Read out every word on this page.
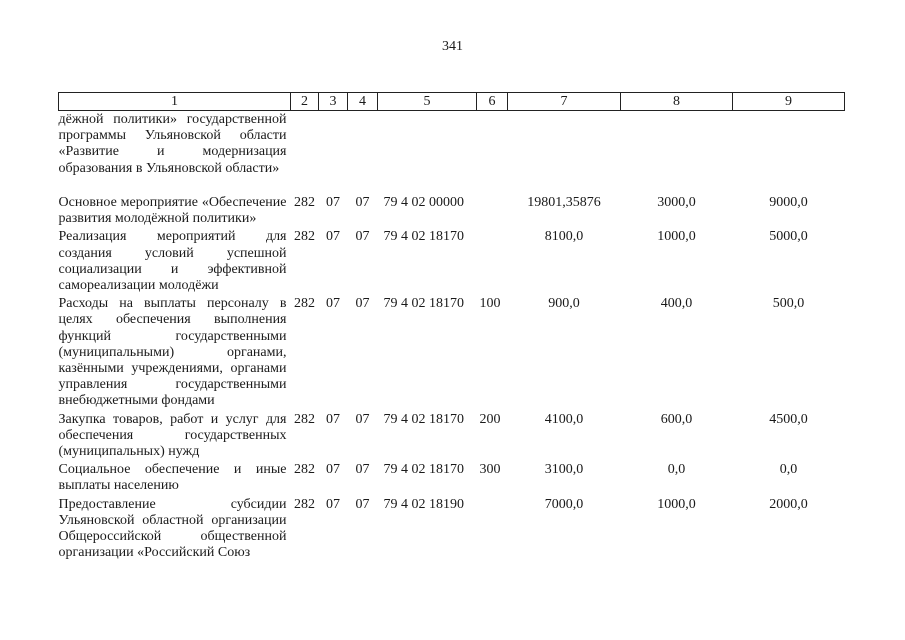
341
1	2	3	4	5	6	7	8	9
дёжной политики» государственной программы Ульяновской области «Развитие и модернизация образования в Ульяновской области»								
Основное мероприятие «Обеспечение развития молодёжной политики»	282	07	07	79 4 02 00000		19801,35876	3000,0	9000,0
Реализация мероприятий для создания условий успешной социализации и эффективной самореализации молодёжи	282	07	07	79 4 02 18170		8100,0	1000,0	5000,0
Расходы на выплаты персоналу в целях обеспечения выполнения функций государственными (муниципальными) органами, казёнными учреждениями, органами управления государственными внебюджетными фондами	282	07	07	79 4 02 18170	100	900,0	400,0	500,0
Закупка товаров, работ и услуг для обеспечения государственных (муниципальных) нужд	282	07	07	79 4 02 18170	200	4100,0	600,0	4500,0
Социальное обеспечение и иные выплаты населению	282	07	07	79 4 02 18170	300	3100,0	0,0	0,0
Предоставление субсидии Ульяновской областной организации Общероссийской общественной организации «Российский Союз	282	07	07	79 4 02 18190		7000,0	1000,0	2000,0
